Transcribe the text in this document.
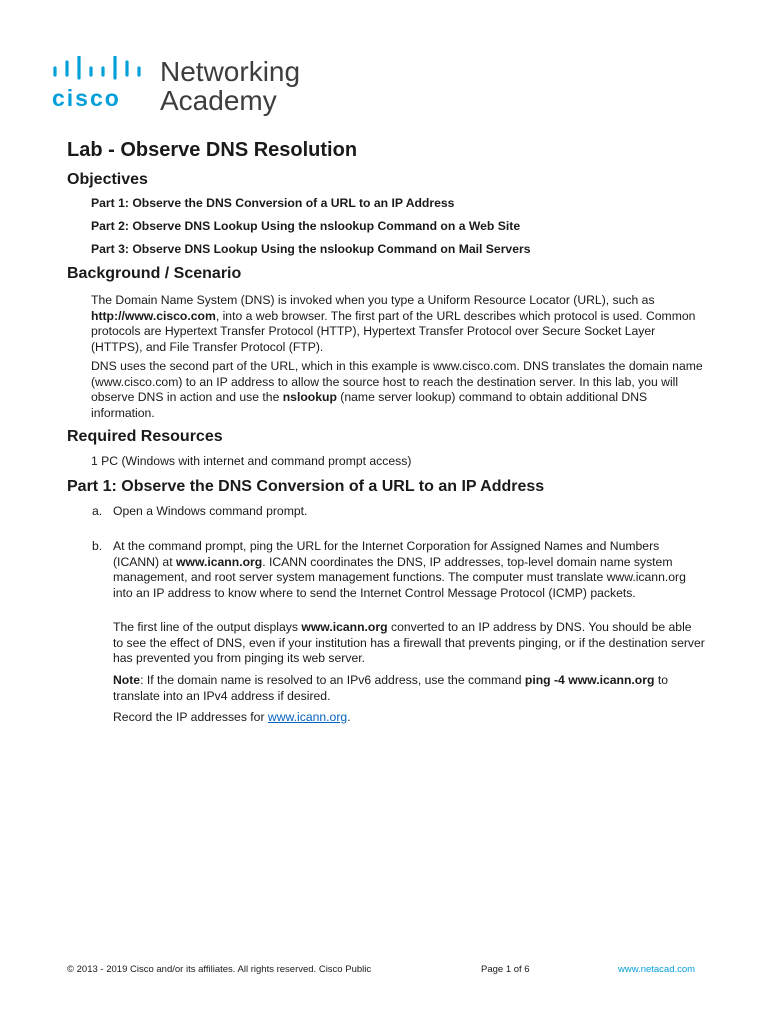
cisco
Networking
Academy
Lab - Observe DNS Resolution
Objectives
Part 1: Observe the DNS Conversion of a URL to an IP Address
Part 2: Observe DNS Lookup Using the nslookup Command on a Web Site
Part 3: Observe DNS Lookup Using the nslookup Command on Mail Servers
Background / Scenario

The Domain Name System (DNS) is invoked when you type a Uniform Resource Locator (URL), such as http://www.cisco.com, into a web browser. The first part of the URL describes which protocol is used. Common protocols are Hypertext Transfer Protocol (HTTP), Hypertext Transfer Protocol over Secure Socket Layer (HTTPS), and File Transfer Protocol (FTP).

DNS uses the second part of the URL, which in this example is www.cisco.com. DNS translates the domain name (www.cisco.com) to an IP address to allow the source host to reach the destination server. In this lab, you will observe DNS in action and use the nslookup (name server lookup) command to obtain additional DNS information.

Required Resources
1 PC (Windows with internet and command prompt access)
Part 1: Observe the DNS Conversion of a URL to an IP Address
a. Open a Windows command prompt.
b. At the command prompt, ping the URL for the Internet Corporation for Assigned Names and Numbers (ICANN) at www.icann.org. ICANN coordinates the DNS, IP addresses, top-level domain name system management, and root server system management functions. The computer must translate www.icann.org into an IP address to know where to send the Internet Control Message Protocol (ICMP) packets.

The first line of the output displays www.icann.org converted to an IP address by DNS. You should be able to see the effect of DNS, even if your institution has a firewall that prevents pinging, or if the destination server has prevented you from pinging its web server.

Note: If the domain name is resolved to an IPv6 address, use the command ping -4 www.icann.org to translate into an IPv4 address if desired.

Record the IP addresses for www.icann.org.

© 2013 - 2019 Cisco and/or its affiliates. All rights reserved. Cisco Public	Page 1 of 6	www.netacad.com
